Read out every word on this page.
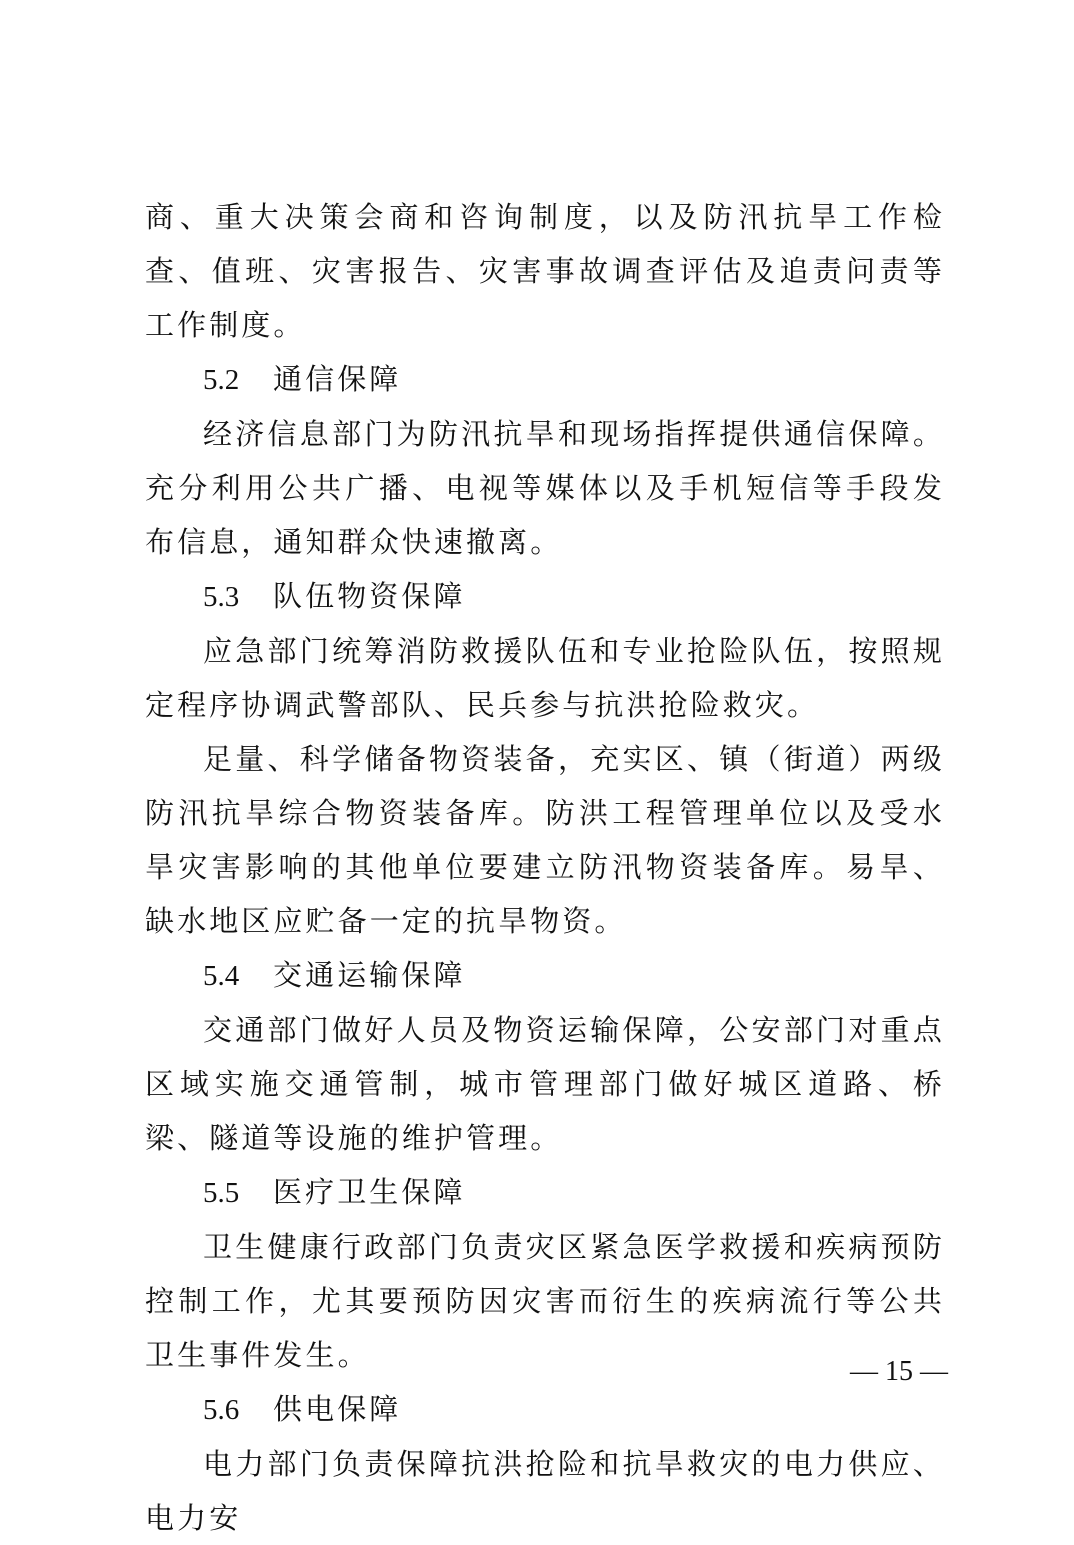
商、重大决策会商和咨询制度，以及防汛抗旱工作检查、值班、灾害报告、灾害事故调查评估及追责问责等工作制度。

5.2 通信保障

经济信息部门为防汛抗旱和现场指挥提供通信保障。充分利用公共广播、电视等媒体以及手机短信等手段发布信息，通知群众快速撤离。

5.3 队伍物资保障

应急部门统筹消防救援队伍和专业抢险队伍，按照规定程序协调武警部队、民兵参与抗洪抢险救灾。

足量、科学储备物资装备，充实区、镇（街道）两级防汛抗旱综合物资装备库。防洪工程管理单位以及受水旱灾害影响的其他单位要建立防汛物资装备库。易旱、缺水地区应贮备一定的抗旱物资。

5.4 交通运输保障

交通部门做好人员及物资运输保障，公安部门对重点区域实施交通管制，城市管理部门做好城区道路、桥梁、隧道等设施的维护管理。

5.5 医疗卫生保障

卫生健康行政部门负责灾区紧急医学救援和疾病预防控制工作，尤其要预防因灾害而衍生的疾病流行等公共卫生事件发生。

5.6 供电保障

电力部门负责保障抗洪抢险和抗旱救灾的电力供应、电力安

— 15 —
